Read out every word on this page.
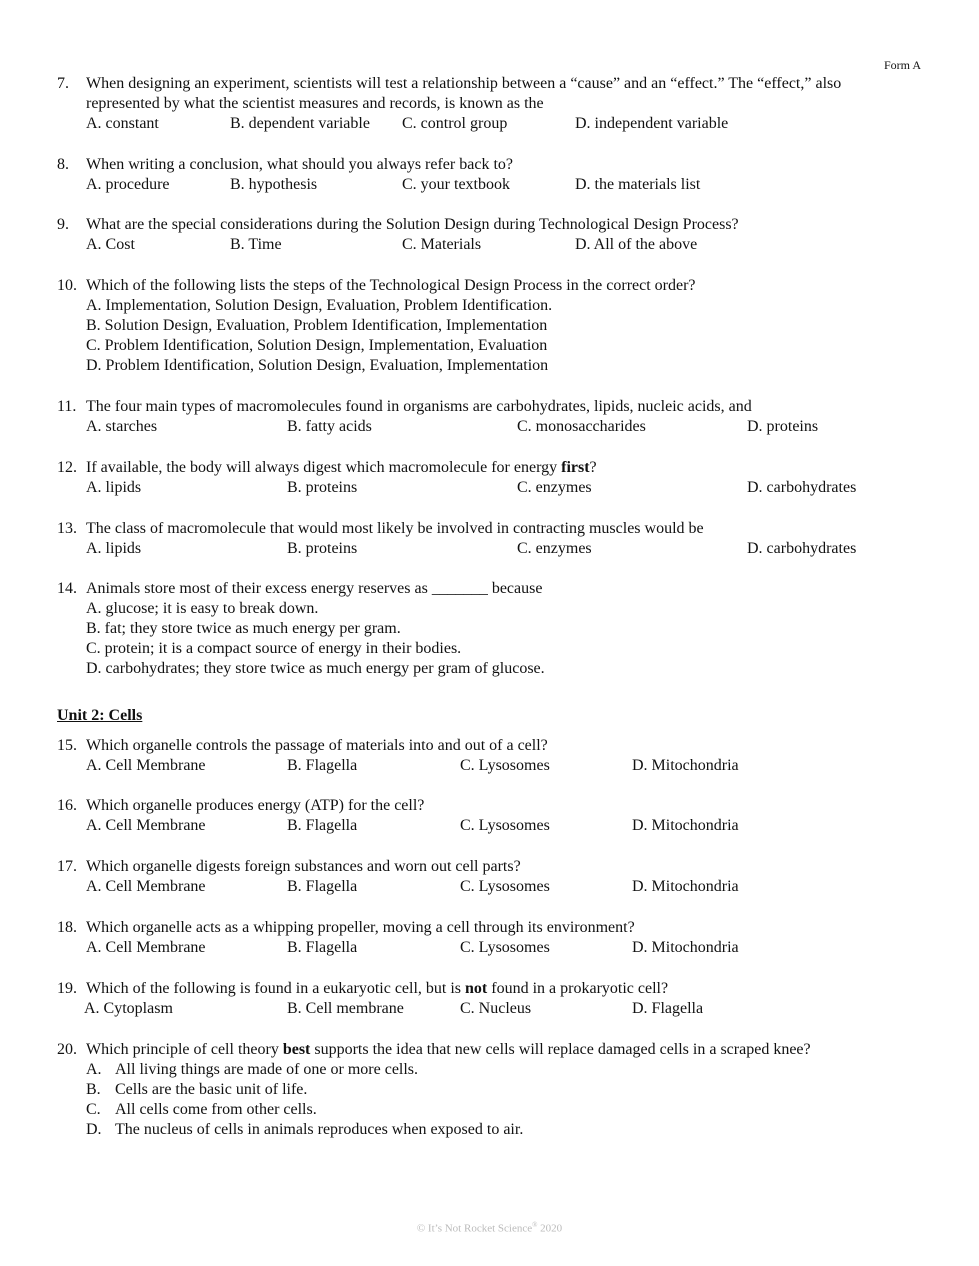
Form A
7. When designing an experiment, scientists will test a relationship between a “cause” and an “effect.” The “effect,” also
represented by what the scientist measures and records, is known as the
A. constant	B. dependent variable C. control group	D. independent variable
8. When writing a conclusion, what should you always refer back to?
A. procedure	B. hypothesis	C. your textbook	D. the materials list
9. What are the special considerations during the Solution Design during Technological Design Process?
A. Cost	B. Time	C. Materials	D. All of the above
10. Which of the following lists the steps of the Technological Design Process in the correct order?
A. Implementation, Solution Design, Evaluation, Problem Identification.
B. Solution Design, Evaluation, Problem Identification, Implementation
C. Problem Identification, Solution Design, Implementation, Evaluation
D. Problem Identification, Solution Design, Evaluation, Implementation
11. The four main types of macromolecules found in organisms are carbohydrates, lipids, nucleic acids, and
A. starches	B. fatty acids	C. monosaccharides	D. proteins
12. If available, the body will always digest which macromolecule for energy first?
A. lipids	B. proteins	C. enzymes	D. carbohydrates
13. The class of macromolecule that would most likely be involved in contracting muscles would be
A. lipids	B. proteins	C. enzymes	D. carbohydrates
14. Animals store most of their excess energy reserves as _______ because
A. glucose; it is easy to break down.
B. fat; they store twice as much energy per gram.
C. protein; it is a compact source of energy in their bodies.
D. carbohydrates; they store twice as much energy per gram of glucose.
Unit 2: Cells
15. Which organelle controls the passage of materials into and out of a cell?
A. Cell Membrane	B. Flagella	C. Lysosomes	D. Mitochondria
16. Which organelle produces energy (ATP) for the cell?
A. Cell Membrane	B. Flagella	C. Lysosomes	D. Mitochondria
17. Which organelle digests foreign substances and worn out cell parts?
A. Cell Membrane	B. Flagella	C. Lysosomes	D. Mitochondria
18. Which organelle acts as a whipping propeller, moving a cell through its environment?
A. Cell Membrane	B. Flagella	C. Lysosomes	D. Mitochondria
19. Which of the following is found in a eukaryotic cell, but is not found in a prokaryotic cell?
A. Cytoplasm	B. Cell membrane	C. Nucleus	D. Flagella
20. Which principle of cell theory best supports the idea that new cells will replace damaged cells in a scraped knee?
A. All living things are made of one or more cells.
B. Cells are the basic unit of life.
C. All cells come from other cells.
D. The nucleus of cells in animals reproduces when exposed to air.
© It’s Not Rocket Science® 2020
